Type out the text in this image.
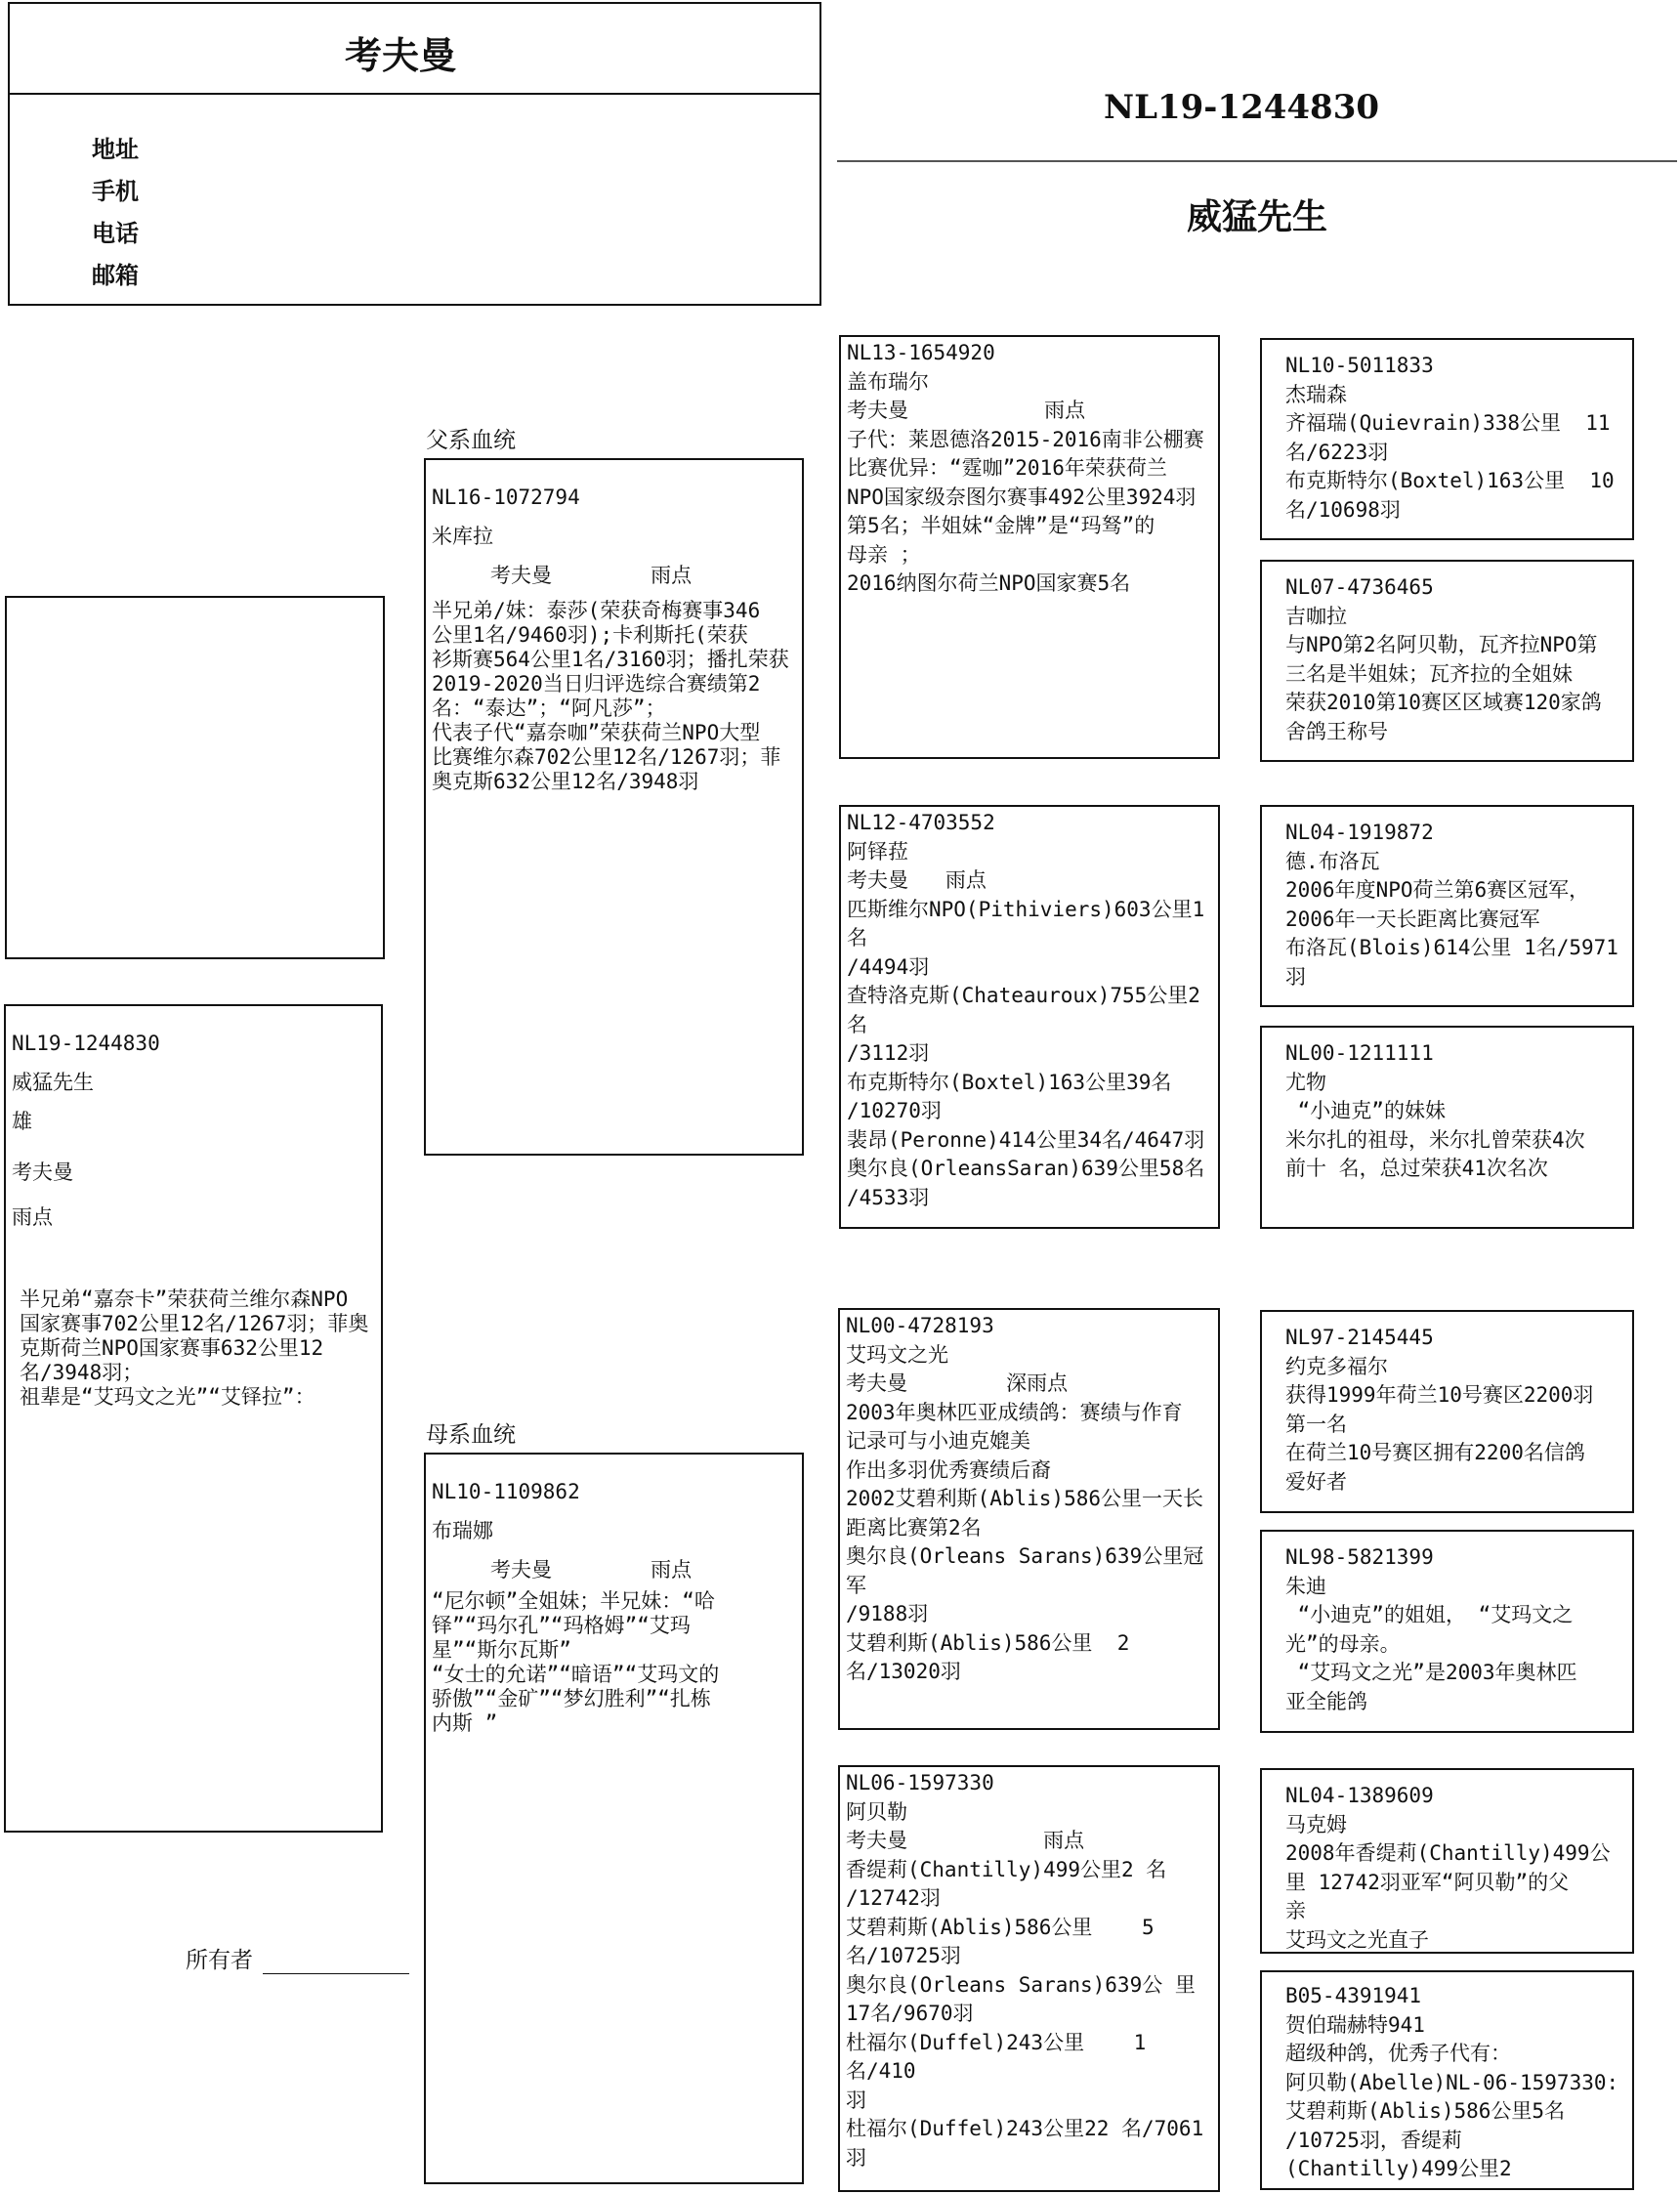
考夫曼
地址
手机
电话
邮箱
NL19-1244830
威猛先生
NL19-1244830
威猛先生
雄
考夫曼
雨点
半兄弟“嘉奈卡”荣获荷兰维尔森NPO
国家赛事702公里12名/1267羽；菲奥
克斯荷兰NPO国家赛事632公里12
名/3948羽；
祖辈是“艾玛文之光”“艾铎拉”：
所有者
父系血统
NL16-1072794
米库拉
考夫曼        雨点
半兄弟/妹：泰莎(荣获奇梅赛事346
公里1名/9460羽);卡利斯托(荣获
衫斯赛564公里1名/3160羽；播扎荣获
2019-2020当日归评选综合赛绩第2
名：“泰达”；“阿凡莎”；
代表子代“嘉奈咖”荣获荷兰NPO大型
比赛维尔森702公里12名/1267羽；菲
奥克斯632公里12名/3948羽
母系血统
NL10-1109862
布瑞娜
考夫曼        雨点
“尼尔顿”全姐妹；半兄妹：“哈
铎”“玛尔孔”“玛格姆”“艾玛
星”“斯尔瓦斯”
“女士的允诺”“暗语”“艾玛文的
骄傲”“金矿”“梦幻胜利”“扎栋
内斯 ”
NL13-1654920
盖布瑞尔
考夫曼           雨点
子代：莱恩德洛2015-2016南非公棚赛
比赛优异：“霆咖”2016年荣获荷兰
NPO国家级奈图尔赛事492公里3924羽
第5名；半姐妹“金牌”是“玛驽”的
母亲 ；
2016纳图尔荷兰NPO国家赛5名
NL12-4703552
阿铎菈
考夫曼   雨点
匹斯维尔NPO(Pithiviers)603公里1名
/4494羽
查特洛克斯(Chateauroux)755公里2名
/3112羽
布克斯特尔(Boxtel)163公里39名
/10270羽
裴昂(Peronne)414公里34名/4647羽
奥尔良(OrleansSaran)639公里58名
/4533羽
NL00-4728193
艾玛文之光
考夫曼        深雨点
2003年奥林匹亚成绩鸽：赛绩与作育
记录可与小迪克媲美
作出多羽优秀赛绩后裔
2002艾碧利斯(Ablis)586公里一天长
距离比赛第2名
奥尔良(Orleans Sarans)639公里冠军
/9188羽
艾碧利斯(Ablis)586公里  2
名/13020羽
NL06-1597330
阿贝勒
考夫曼           雨点
香缇莉(Chantilly)499公里2 名
/12742羽
艾碧莉斯(Ablis)586公里    5
名/10725羽
奥尔良(Orleans Sarans)639公 里
17名/9670羽
杜福尔(Duffel)243公里    1名/410
羽
杜福尔(Duffel)243公里22 名/7061羽
NL10-5011833
杰瑞森
齐福瑞(Quievrain)338公里  11
名/6223羽
布克斯特尔(Boxtel)163公里  10
名/10698羽
NL07-4736465
吉咖拉
与NPO第2名阿贝勒，瓦齐拉NPO第
三名是半姐妹；瓦齐拉的全姐妹
荣获2010第10赛区区域赛120家鸽
舍鸽王称号
NL04-1919872
德.布洛瓦
2006年度NPO荷兰第6赛区冠军，
2006年一天长距离比赛冠军
布洛瓦(Blois)614公里 1名/5971
羽
NL00-1211111
尤物
“小迪克”的妹妹
米尔扎的祖母，米尔扎曾荣获4次
前十 名，总过荣获41次名次
NL97-2145445
约克多福尔
获得1999年荷兰10号赛区2200羽
第一名
在荷兰10号赛区拥有2200名信鸽
爱好者
NL98-5821399
朱迪
“小迪克”的姐姐， “艾玛文之
光”的母亲。
“艾玛文之光”是2003年奥林匹
亚全能鸽
NL04-1389609
马克姆
2008年香缇莉(Chantilly)499公
里 12742羽亚军“阿贝勒”的父
亲
艾玛文之光直子
B05-4391941
贺伯瑞赫特941
超级种鸽，优秀子代有：
阿贝勒(Abelle)NL-06-1597330:
艾碧莉斯(Ablis)586公里5名
/10725羽，香缇莉
(Chantilly)499公里2
